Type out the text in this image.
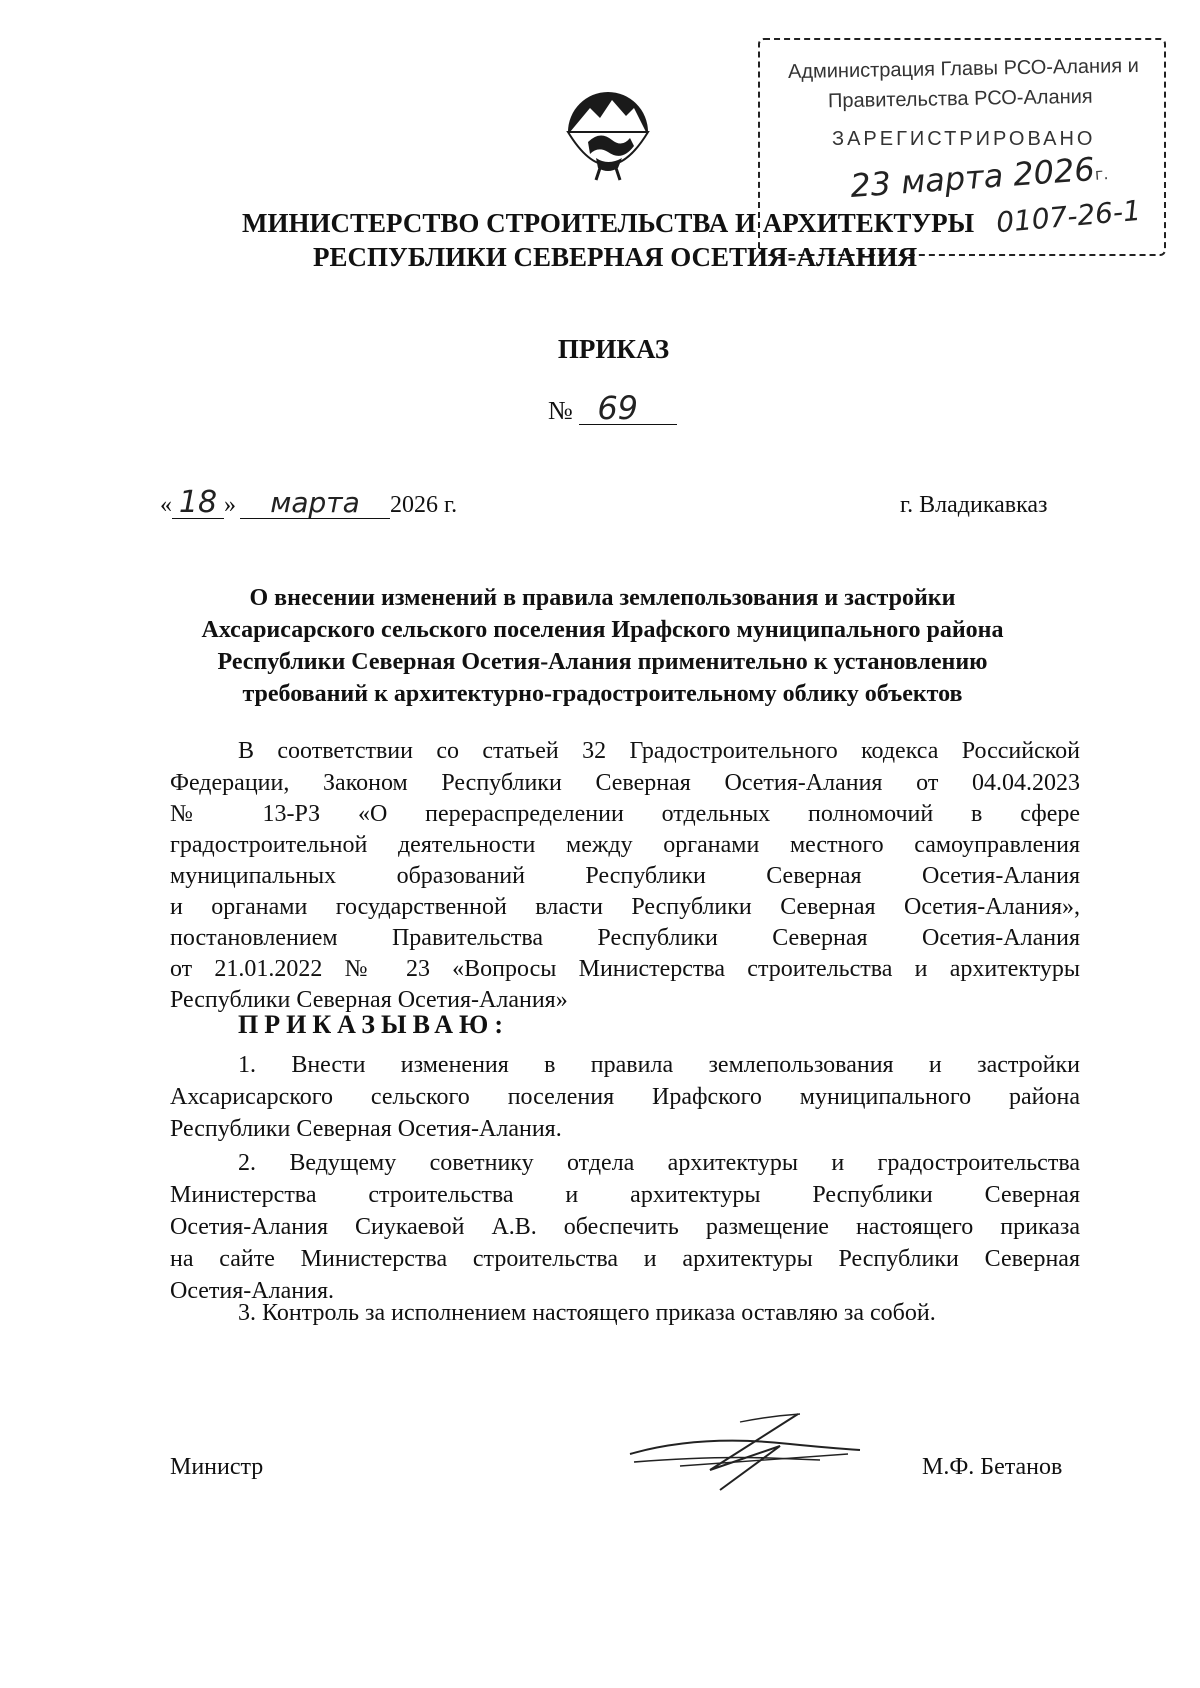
Администрация Главы РСО-Алания и
Правительства РСО-Алания
ЗАРЕГИСТРИРОВАНО
23 марта 2026г.
0107-26-1
МИНИСТЕРСТВО СТРОИТЕЛЬСТВА И АРХИТЕКТУРЫ
РЕСПУБЛИКИ СЕВЕРНАЯ ОСЕТИЯ-АЛАНИЯ
ПРИКАЗ
№ 69
« 18 » марта 2026 г.	г. Владикавказ
О внесении изменений в правила землепользования и застройки
Ахсарисарского сельского поселения Ирафского муниципального района
Республики Северная Осетия-Алания применительно к установлению
требований к архитектурно-градостроительному облику объектов
В соответствии со статьей 32 Градостроительного кодекса Российской
Федерации, Законом Республики Северная Осетия-Алания от 04.04.2023
№ 13-РЗ «О перераспределении отдельных полномочий в сфере
градостроительной деятельности между органами местного самоуправления
муниципальных образований Республики Северная Осетия-Алания
и органами государственной власти Республики Северная Осетия-Алания»,
постановлением Правительства Республики Северная Осетия-Алания
от 21.01.2022 № 23 «Вопросы Министерства строительства и архитектуры
Республики Северная Осетия-Алания»
ПРИКАЗЫВАЮ:
1. Внести изменения в правила землепользования и застройки
Ахсарисарского сельского поселения Ирафского муниципального района
Республики Северная Осетия-Алания.
2. Ведущему советнику отдела архитектуры и градостроительства
Министерства строительства и архитектуры Республики Северная
Осетия-Алания Сиукаевой А.В. обеспечить размещение настоящего приказа
на сайте Министерства строительства и архитектуры Республики Северная
Осетия-Алания.
3. Контроль за исполнением настоящего приказа оставляю за собой.
Министр	М.Ф. Бетанов
